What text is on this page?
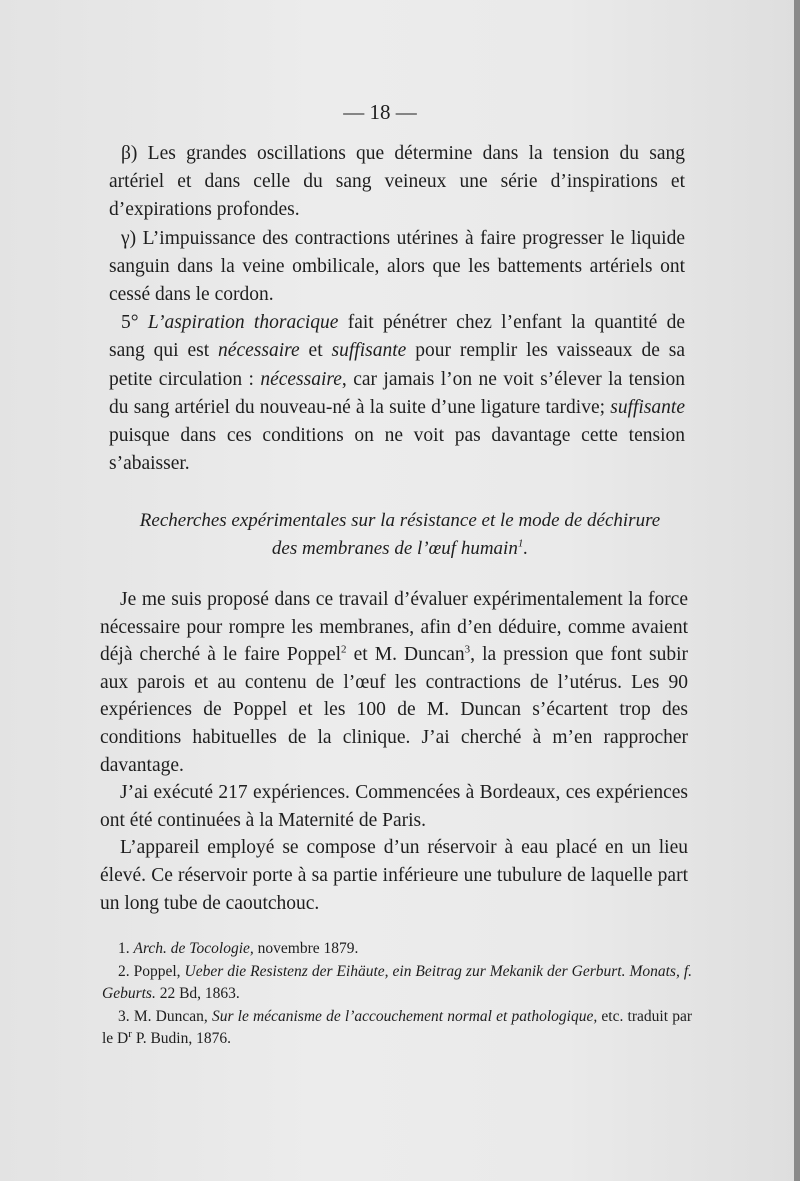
— 18 —

β) Les grandes oscillations que détermine dans la tension du sang artériel et dans celle du sang veineux une série d’inspirations et d’expirations profondes.

γ) L’impuissance des contractions utérines à faire progresser le liquide sanguin dans la veine ombilicale, alors que les battements artériels ont cessé dans le cordon.

5° L’aspiration thoracique fait pénétrer chez l’enfant la quantité de sang qui est nécessaire et suffisante pour remplir les vaisseaux de sa petite circulation : nécessaire, car jamais l’on ne voit s’élever la tension du sang artériel du nouveau-né à la suite d’une ligature tardive; suffisante puisque dans ces conditions on ne voit pas davantage cette tension s’abaisser.

Recherches expérimentales sur la résistance et le mode de déchirure
des membranes de l’œuf humain$^1$.

Je me suis proposé dans ce travail d’évaluer expérimentalement la force nécessaire pour rompre les membranes, afin d’en déduire, comme avaient déjà cherché à le faire Poppel$^2$ et M. Duncan$^3$, la pression que font subir aux parois et au contenu de l’œuf les contractions de l’utérus. Les 90 expériences de Poppel et les 100 de M. Duncan s’écartent trop des conditions habituelles de la clinique. J’ai cherché à m’en rapprocher davantage.

J’ai exécuté 217 expériences. Commencées à Bordeaux, ces expériences ont été continuées à la Maternité de Paris.

L’appareil employé se compose d’un réservoir à eau placé en un lieu élevé. Ce réservoir porte à sa partie inférieure une tubulure de laquelle part un long tube de caoutchouc.

1. Arch. de Tocologie, novembre 1879.

2. Poppel, Ueber die Resistenz der Eihäute, ein Beitrag zur Mekanik der Gerburt. Monats, f. Geburts. 22 Bd, 1863.

3. M. Duncan, Sur le mécanisme de l’accouchement normal et pathologique, etc. traduit par le $D^r$ P. Budin, 1876.
